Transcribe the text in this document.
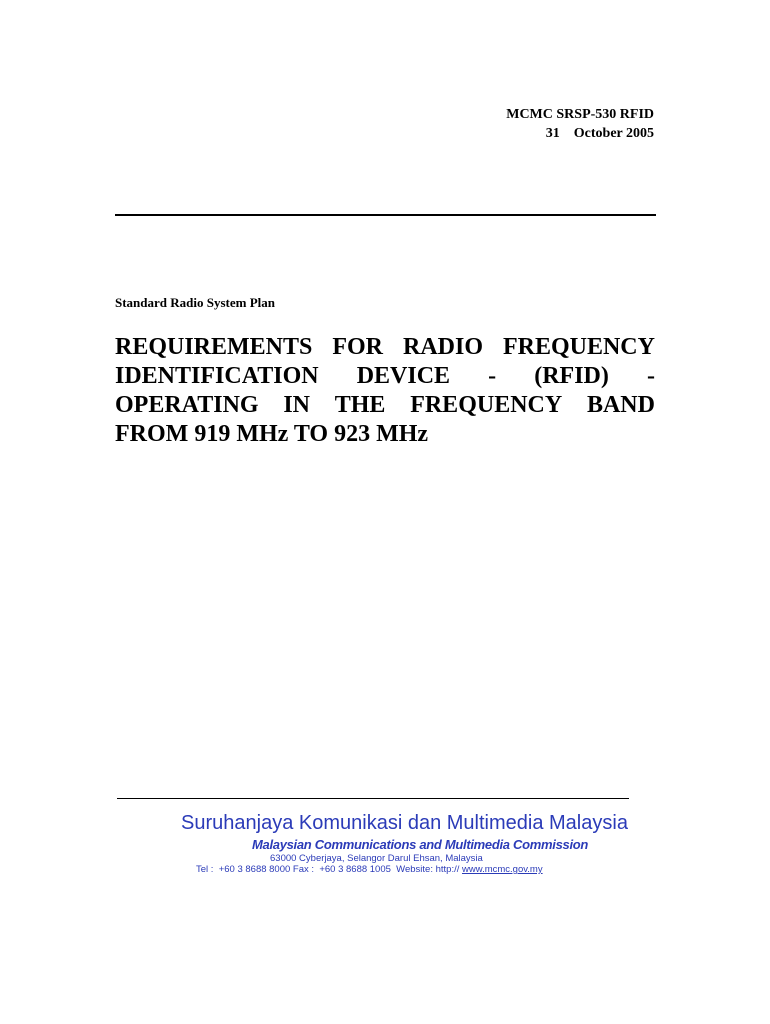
MCMC SRSP-530 RFID
31    October 2005
Standard Radio System Plan
REQUIREMENTS FOR RADIO FREQUENCY
IDENTIFICATION DEVICE - (RFID) -
OPERATING IN THE FREQUENCY BAND
FROM 919 MHz TO 923 MHz
Suruhanjaya Komunikasi dan Multimedia Malaysia
Malaysian Communications and Multimedia Commission
63000 Cyberjaya, Selangor Darul Ehsan, Malaysia
Tel :  +60 3 8688 8000 Fax :  +60 3 8688 1005  Website: http:// www.mcmc.gov.my
